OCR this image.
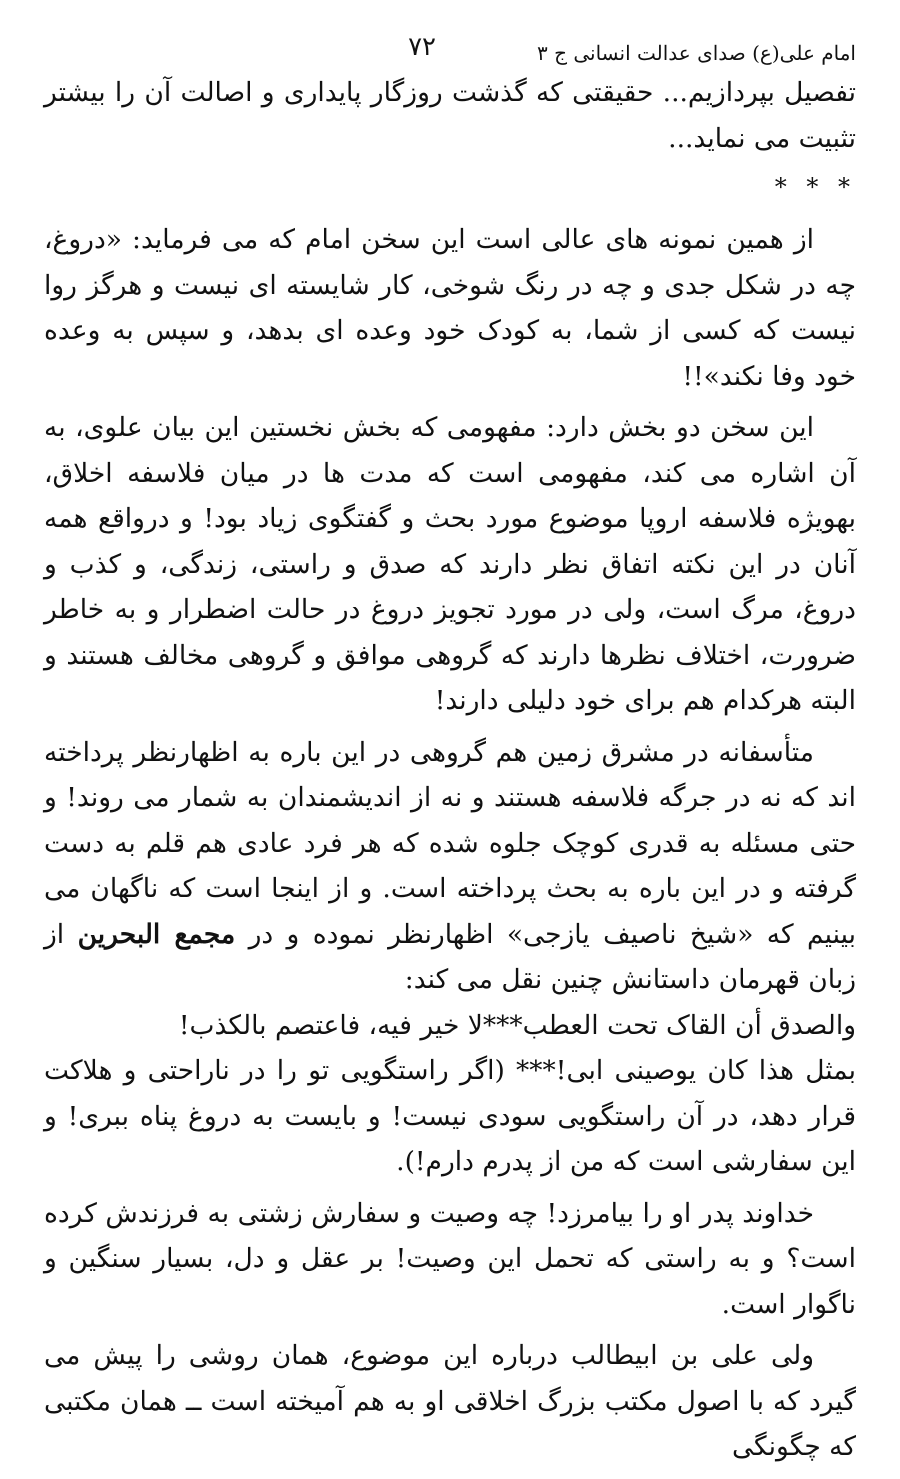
امام علی(ع) صدای عدالت انسانی ج ۳
۷۲

تفصیل بپردازیم... حقیقتی که گذشت روزگار پایداری و اصالت آن را بیشتر تثبیت می نماید...

* * *

از همین نمونه های عالی است این سخن امام که می فرماید: «دروغ، چه در شکل جدی و چه در رنگ شوخی، کار شایسته ای نیست و هرگز روا نیست که کسی از شما، به کودک خود وعده ای بدهد، و سپس به وعده خود وفا نکند»!!

این سخن دو بخش دارد: مفهومی که بخش نخستین این بیان علوی، به آن اشاره می کند، مفهومی است که مدت ها در میان فلاسفه اخلاق، بهویژه فلاسفه اروپا موضوع مورد بحث و گفتگوی زیاد بود! و درواقع همه آنان در این نکته اتفاق نظر دارند که صدق و راستی، زندگی، و کذب و دروغ، مرگ است، ولی در مورد تجویز دروغ در حالت اضطرار و به خاطر ضرورت، اختلاف نظرها دارند که گروهی موافق و گروهی مخالف هستند و البته هرکدام هم برای خود دلیلی دارند!

متأسفانه در مشرق زمین هم گروهی در این باره به اظهارنظر پرداخته اند که نه در جرگه فلاسفه هستند و نه از اندیشمندان به شمار می روند! و حتی مسئله به قدری کوچک جلوه شده که هر فرد عادی هم قلم به دست گرفته و در این باره به بحث پرداخته است. و از اینجا است که ناگهان می بینیم که «شیخ ناصیف یازجی» اظهارنظر نموده و در مجمع البحرین از زبان قهرمان داستانش چنین نقل می کند:

والصدق أن القاک تحت العطب***لا خیر فیه، فاعتصم بالکذب!

بمثل هذا کان یوصینی ابی!*** (اگر راستگویی تو را در ناراحتی و هلاکت قرار دهد، در آن راستگویی سودی نیست! و بایست به دروغ پناه ببری! و این سفارشی است که من از پدرم دارم!).

خداوند پدر او را بیامرزد! چه وصیت و سفارش زشتی به فرزندش کرده است؟ و به راستی که تحمل این وصیت! بر عقل و دل، بسیار سنگین و ناگوار است.

ولی علی بن ابیطالب درباره این موضوع، همان روشی را پیش می گیرد که با اصول مکتب بزرگ اخلاقی او به هم آمیخته است ــ همان مکتبی که چگونگی
